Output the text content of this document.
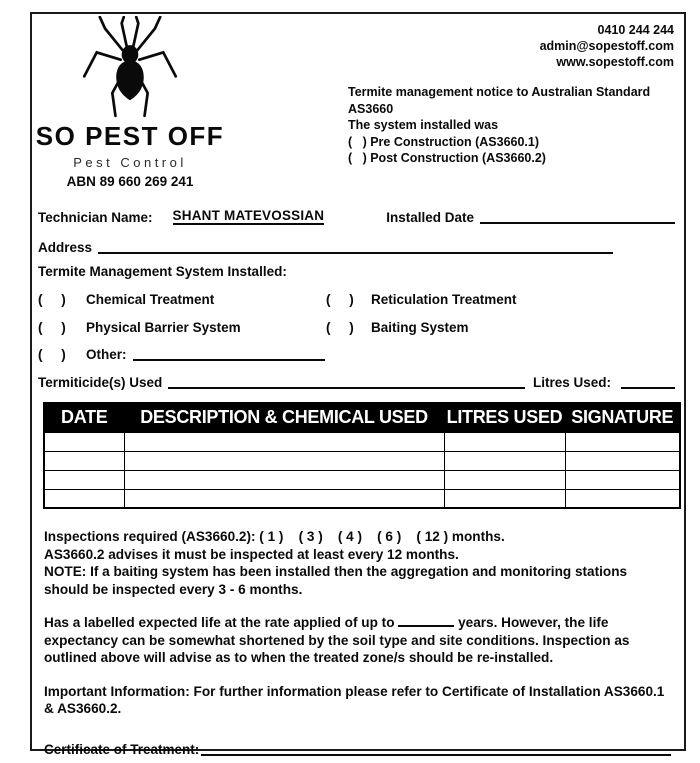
0410 244 244
admin@sopestoff.com
www.sopestoff.com
SO PEST OFF
Pest Control
ABN 89 660 269 241
Termite management notice to Australian Standard
AS3660
The system installed was
(   ) Pre Construction (AS3660.1)
(   ) Post Construction (AS3660.2)
Technician Name: SHANT MATEVOSSIAN	Installed Date
Address
Termite Management System Installed:
(     )	Chemical Treatment	(     )	Reticulation Treatment
(     )	Physical Barrier System	(     )	Baiting System
(     )	Other:
Termiticide(s) Used	Litres Used:
DATE	DESCRIPTION & CHEMICAL USED	LITRES USED	SIGNATURE

Inspections required (AS3660.2): ( 1 )    ( 3 )    ( 4 )    ( 6 )    ( 12 ) months.
AS3660.2 advises it must be inspected at least every 12 months.
NOTE: If a baiting system has been installed then the aggregation and monitoring stations should be inspected every 3 - 6 months.
Has a labelled expected life at the rate applied of up to	years. However, the life expectancy can be somewhat shortened by the soil type and site conditions. Inspection as outlined above will advise as to when the treated zone/s should be re-installed.
Important Information: For further information please refer to Certificate of Installation AS3660.1 & AS3660.2.
Certificate of Treatment:
